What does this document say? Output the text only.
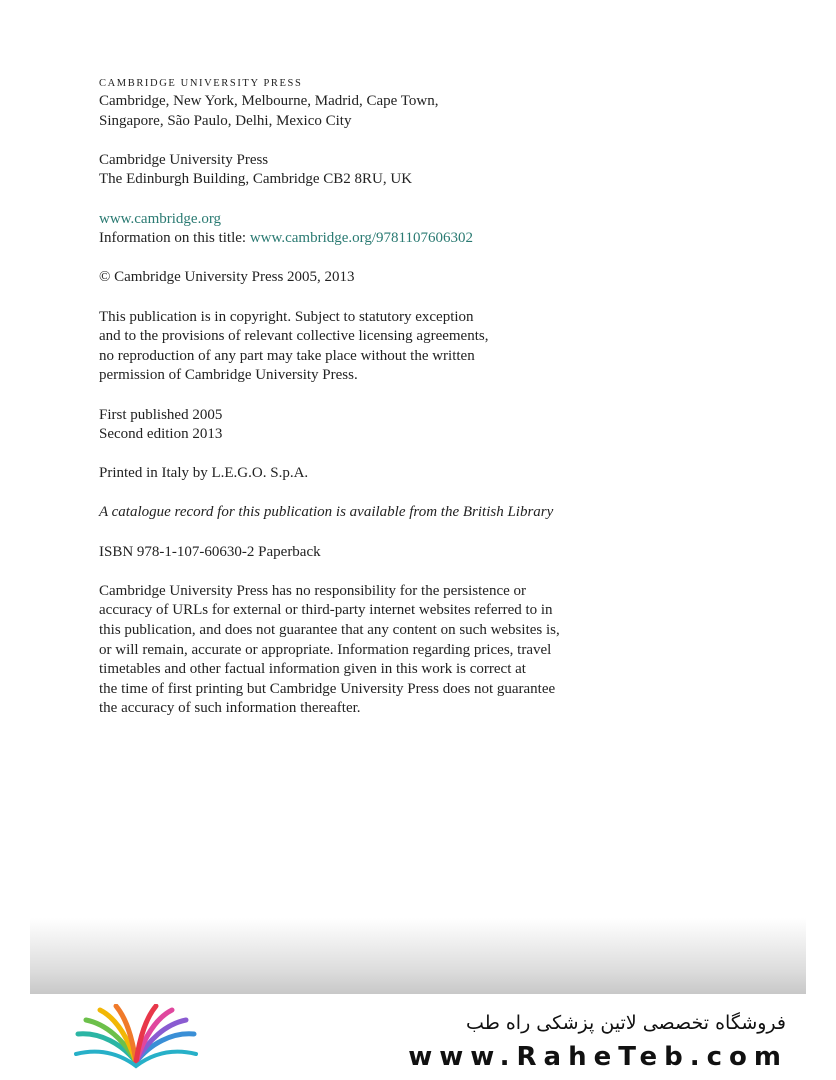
CAMBRIDGE UNIVERSITY PRESS

Cambridge, New York, Melbourne, Madrid, Cape Town,

Singapore, São Paulo, Delhi, Mexico City

Cambridge University Press

The Edinburgh Building, Cambridge CB2 8RU, UK

www.cambridge.org

Information on this title: www.cambridge.org/9781107606302

© Cambridge University Press 2005, 2013

This publication is in copyright. Subject to statutory exception

and to the provisions of relevant collective licensing agreements,

no reproduction of any part may take place without the written

permission of Cambridge University Press.

First published 2005

Second edition 2013

Printed in Italy by L.E.G.O. S.p.A.

A catalogue record for this publication is available from the British Library

ISBN 978-1-107-60630-2 Paperback

Cambridge University Press has no responsibility for the persistence or

accuracy of URLs for external or third-party internet websites referred to in

this publication, and does not guarantee that any content on such websites is,

or will remain, accurate or appropriate. Information regarding prices, travel

timetables and other factual information given in this work is correct at

the time of first printing but Cambridge University Press does not guarantee

the accuracy of such information thereafter.

فروشگاه تخصصی لاتین پزشکی راه طب
www.RaheTeb.com
